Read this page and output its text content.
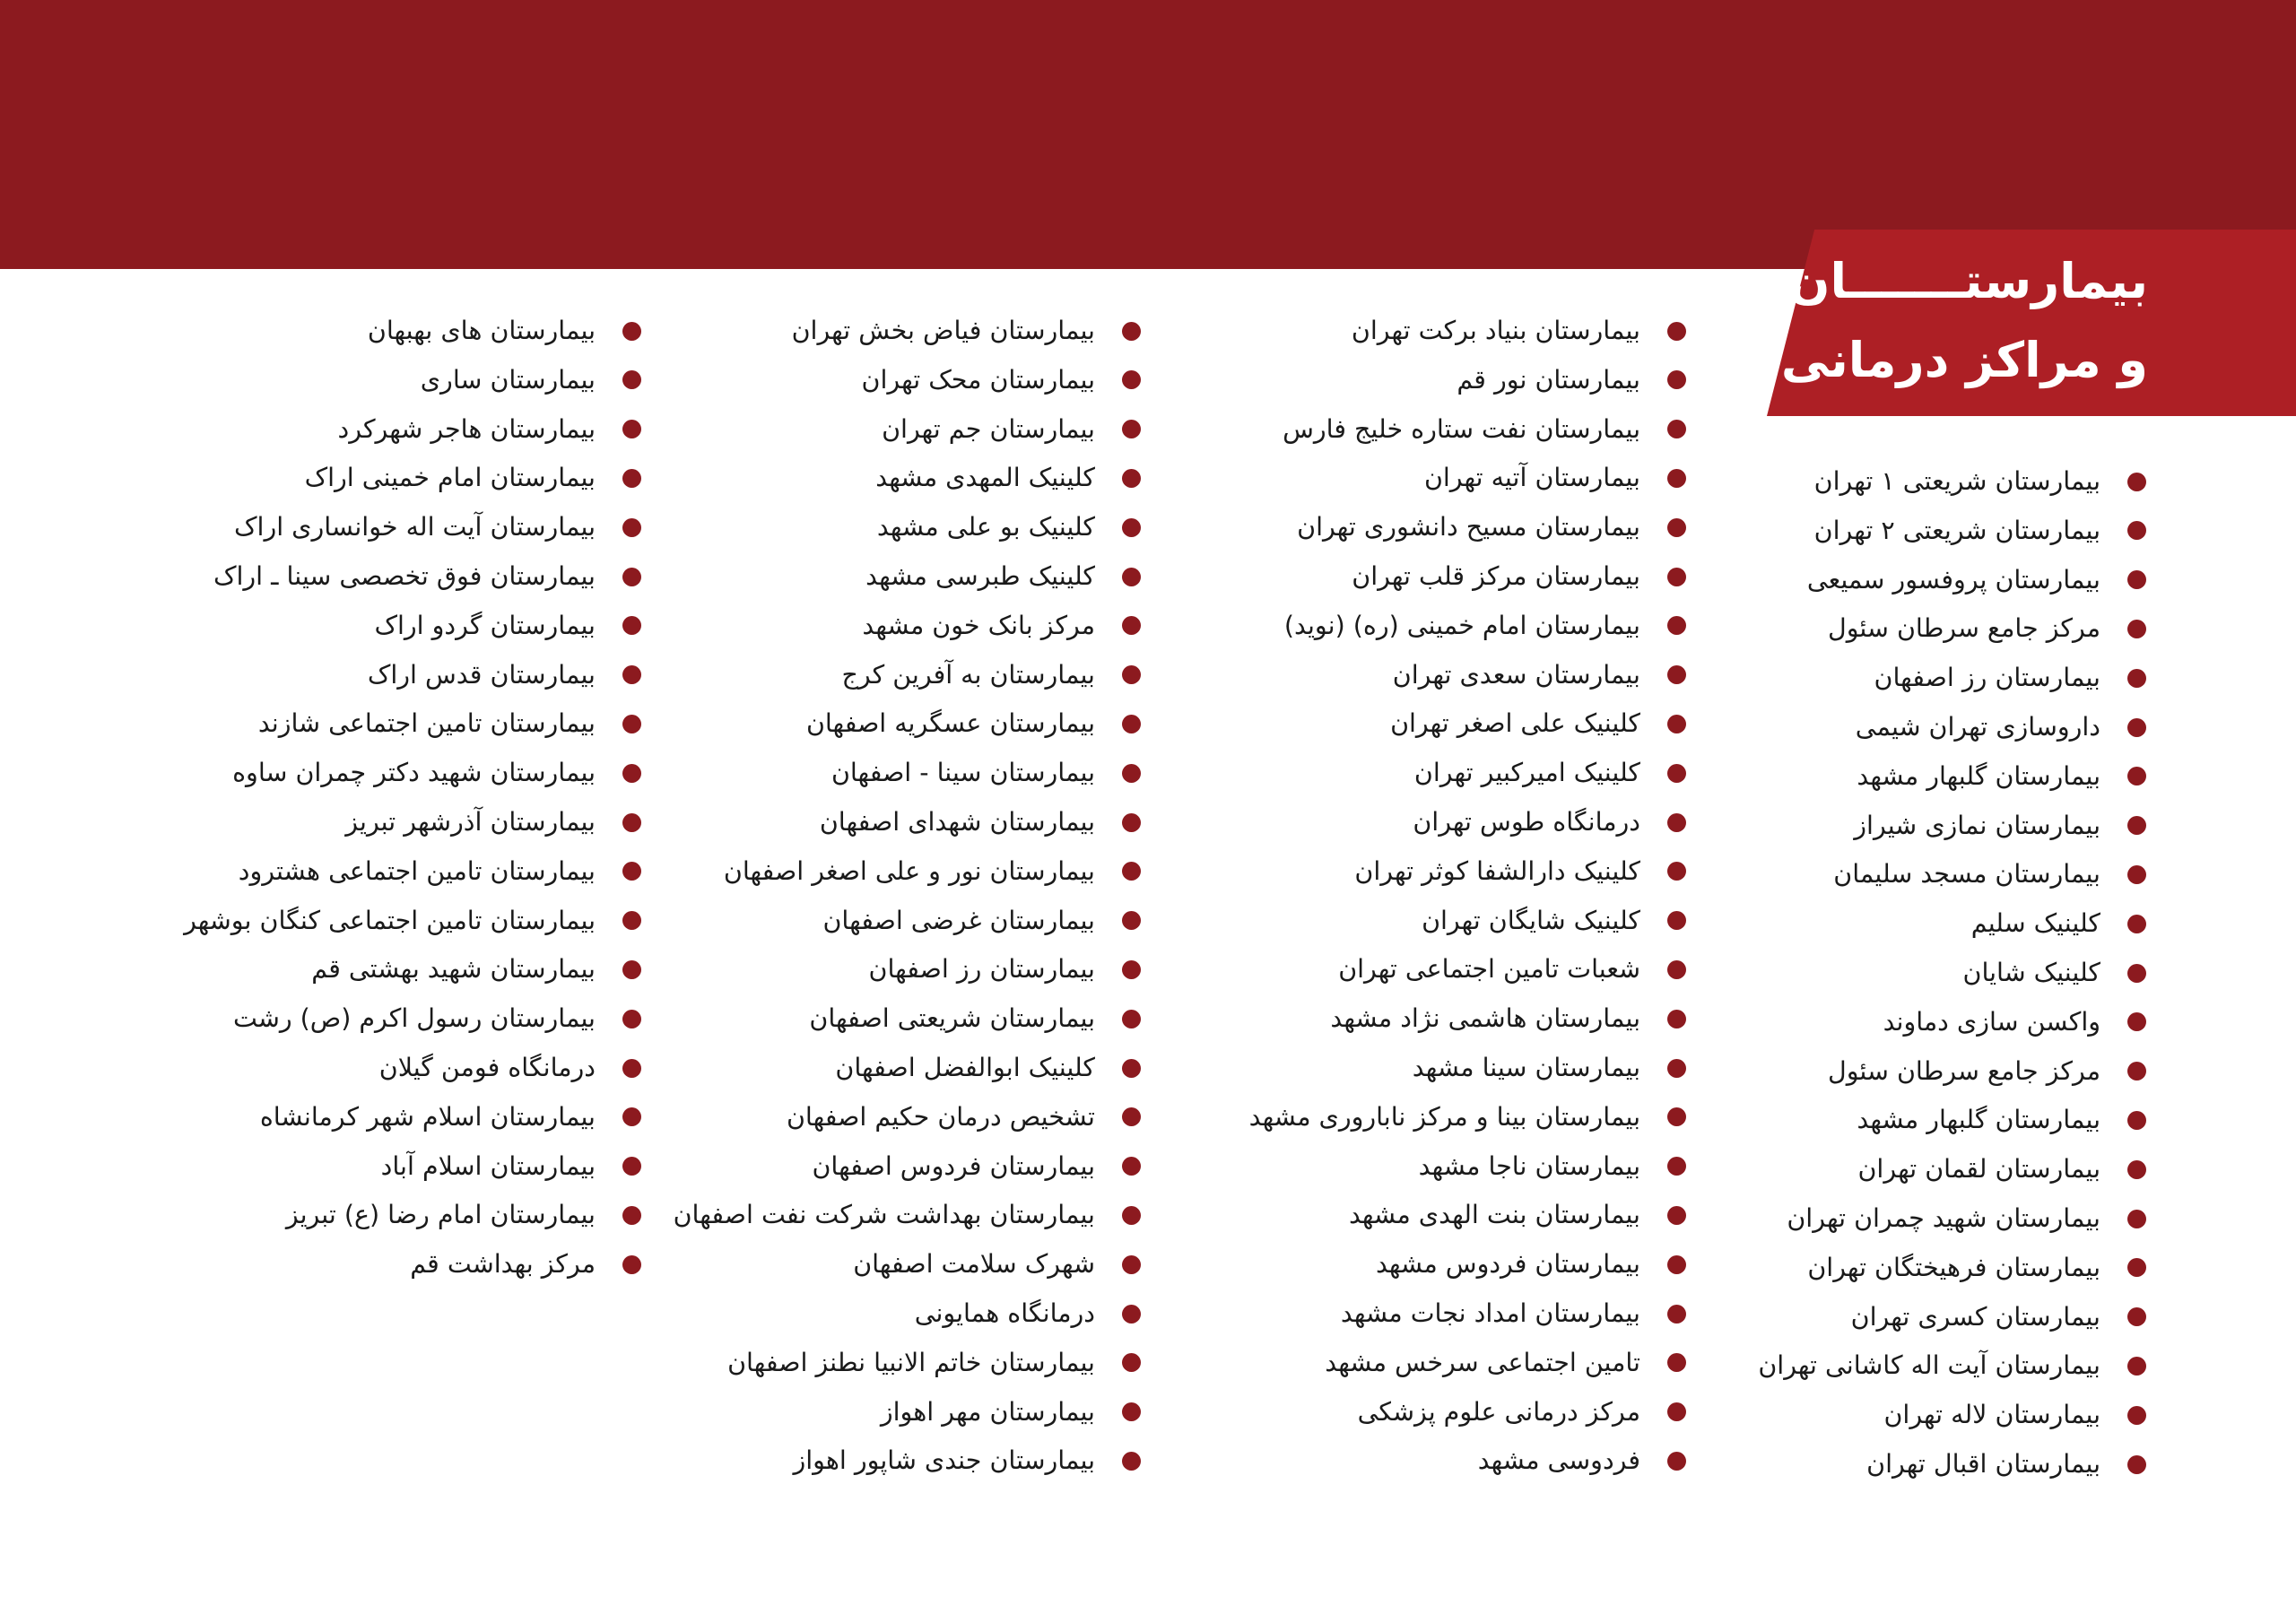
بیمارستـــــــان
و مراکز درمانی
بیمارستان شریعتی ۱ تهران
بیمارستان شریعتی ۲ تهران
بیمارستان پروفسور سمیعی
مرکز جامع سرطان سئول
بیمارستان رز اصفهان
داروسازی تهران شیمی
بیمارستان گلبهار مشهد
بیمارستان نمازی شیراز
بیمارستان مسجد سلیمان
کلینیک سلیم
کلینیک شایان
واکسن سازی دماوند
مرکز جامع سرطان سئول
بیمارستان گلبهار مشهد
بیمارستان لقمان تهران
بیمارستان شهید چمران تهران
بیمارستان فرهیختگان تهران
بیمارستان کسری تهران
بیمارستان آیت اله کاشانی تهران
بیمارستان لاله تهران
بیمارستان اقبال تهران
بیمارستان بنیاد برکت تهران
بیمارستان نور قم
بیمارستان نفت ستاره خلیج فارس
بیمارستان آتیه تهران
بیمارستان مسیح دانشوری تهران
بیمارستان مرکز قلب تهران
بیمارستان امام خمینی (ره) (نوید)
بیمارستان سعدی تهران
کلینیک علی اصغر تهران
کلینیک امیرکبیر تهران
درمانگاه طوس تهران
کلینیک دارالشفا کوثر تهران
کلینیک شایگان تهران
شعبات تامین اجتماعی تهران
بیمارستان هاشمی نژاد مشهد
بیمارستان سینا مشهد
بیمارستان بینا و مرکز ناباروری مشهد
بیمارستان ناجا مشهد
بیمارستان بنت الهدی مشهد
بیمارستان فردوس مشهد
بیمارستان امداد نجات مشهد
تامین اجتماعی سرخس مشهد
مرکز درمانی علوم پزشکی
فردوسی مشهد
بیمارستان فیاض بخش تهران
بیمارستان محک تهران
بیمارستان جم تهران
کلینیک المهدی مشهد
کلینیک بو علی مشهد
کلینیک طبرسی مشهد
مرکز بانک خون مشهد
بیمارستان به آفرین کرج
بیمارستان عسگریه اصفهان
بیمارستان سینا - اصفهان
بیمارستان شهدای اصفهان
بیمارستان نور و علی اصغر اصفهان
بیمارستان غرضی اصفهان
بیمارستان رز اصفهان
بیمارستان شریعتی اصفهان
کلینیک ابوالفضل اصفهان
تشخیص درمان حکیم اصفهان
بیمارستان فردوس اصفهان
بیمارستان بهداشت شرکت نفت اصفهان
شهرک سلامت اصفهان
درمانگاه همایونی
بیمارستان خاتم الانبیا نطنز اصفهان
بیمارستان مهر اهواز
بیمارستان جندی شاپور اهواز
بیمارستان های بهبهان
بیمارستان ساری
بیمارستان هاجر شهرکرد
بیمارستان امام خمینی اراک
بیمارستان آیت اله خوانساری اراک
بیمارستان فوق تخصصی سینا ـ اراک
بیمارستان گردو اراک
بیمارستان قدس اراک
بیمارستان تامین اجتماعی شازند
بیمارستان شهید دکتر چمران ساوه
بیمارستان آذرشهر تبریز
بیمارستان تامین اجتماعی هشترود
بیمارستان تامین اجتماعی کنگان بوشهر
بیمارستان شهید بهشتی قم
بیمارستان رسول اکرم (ص) رشت
درمانگاه فومن گیلان
بیمارستان اسلام شهر کرمانشاه
بیمارستان اسلام آباد
بیمارستان امام رضا (ع) تبریز
مرکز بهداشت قم
